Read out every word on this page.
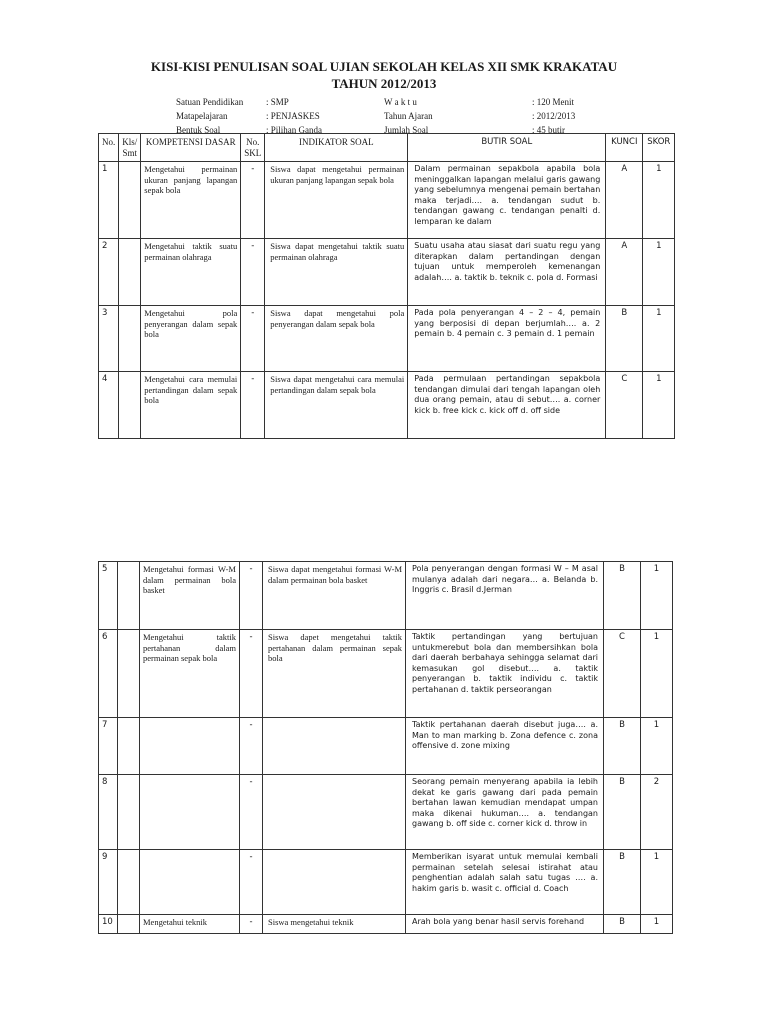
KISI-KISI PENULISAN SOAL UJIAN SEKOLAH KELAS XII SMK KRAKATAU
TAHUN 2012/2013
Satuan Pendidikan	: SMP	W a k t u	: 120 Menit
Matapelajaran	: PENJASKES	Tahun Ajaran	: 2012/2013
Bentuk Soal	: Pilihan Ganda	Jumlah Soal	: 45 butir
No.	Kls/ Smt	KOMPETENSI DASAR	No. SKL	INDIKATOR SOAL	BUTIR SOAL	KUNCI	SKOR
1		Mengetahui permainan ukuran panjang lapangan sepak bola	-	Siswa dapat mengetahui permainan ukuran panjang lapangan sepak bola	Dalam permainan sepakbola apabila bola meninggalkan lapangan melalui garis gawang yang sebelumnya mengenai pemain bertahan maka terjadi…. a. tendangan sudut b. tendangan gawang c. tendangan penalti d. lemparan ke dalam	A	1
2		Mengetahui taktik suatu permainan olahraga	-	Siswa dapat mengetahui taktik suatu permainan olahraga	Suatu usaha atau siasat dari suatu regu yang diterapkan dalam pertandingan dengan tujuan untuk memperoleh kemenangan adalah…. a. taktik b. teknik c. pola d. Formasi	A	1
3		Mengetahui pola penyerangan dalam sepak bola	-	Siswa dapat mengetahui pola penyerangan dalam sepak bola	Pada pola penyerangan 4 – 2 – 4, pemain yang berposisi di depan berjumlah…. a. 2 pemain b. 4 pemain c. 3 pemain d. 1 pemain	B	1
4		Mengetahui cara memulai pertandingan dalam sepak bola	-	Siswa dapat mengetahui cara memulai pertandingan dalam sepak bola	Pada permulaan pertandingan sepakbola tendangan dimulai dari tengah lapangan oleh dua orang pemain, atau di sebut…. a. corner kick b. free kick c. kick off d. off side	C	1
5		Mengetahui formasi W-M dalam permainan bola basket	-	Siswa dapat mengetahui formasi W-M dalam permainan bola basket	Pola penyerangan dengan formasi W – M asal mulanya adalah dari negara… a. Belanda b. Inggris c. Brasil d.Jerman	B	1
6		Mengetahui taktik pertahanan dalam permainan sepak bola	-	Siswa dapet mengetahui taktik pertahanan dalam permainan sepak bola	Taktik pertandingan yang bertujuan untukmerebut bola dan membersihkan bola dari daerah berbahaya sehingga selamat dari kemasukan gol disebut…. a. taktik penyerangan b. taktik individu c. taktik pertahanan d. taktik perseorangan	C	1
7			-		Taktik pertahanan daerah disebut juga…. a. Man to man marking b. Zona defence c. zona offensive d. zone mixing	B	1
8			-		Seorang pemain menyerang apabila ia lebih dekat ke garis gawang dari pada pemain bertahan lawan kemudian mendapat umpan maka dikenai hukuman…. a. tendangan gawang b. off side c. corner kick d. throw in	B	2
9			-		Memberikan isyarat untuk memulai kembali permainan setelah selesai istirahat atau penghentian adalah salah satu tugas …. a. hakim garis b. wasit c. official d. Coach	B	1
10		Mengetahui teknik	-	Siswa mengetahui teknik	Arah bola yang benar hasil servis forehand	B	1
